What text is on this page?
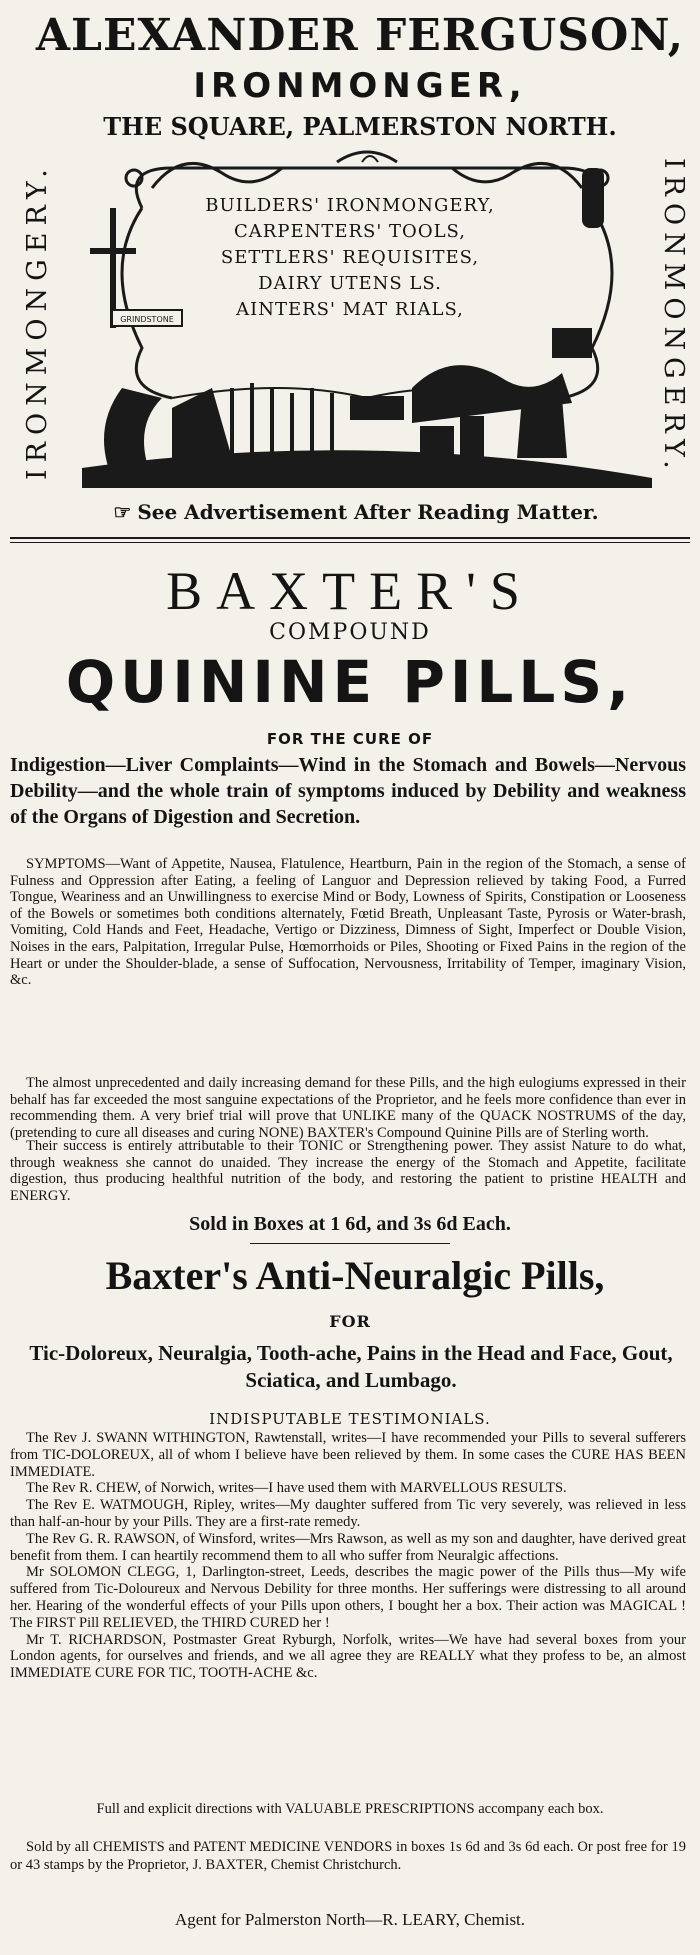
ALEXANDER FERGUSON,
IRONMONGER,
THE SQUARE, PALMERSTON NORTH.
IRONMONGERY.	IRONMONGERY.
GRINDSTONE
BUILDERS' IRONMONGERY,
CARPENTERS' TOOLS,
SETTLERS' REQUISITES,
DAIRY UTENS LS.
AINTERS' MAT RIALS,
☞ See Advertisement After Reading Matter.
BAXTER'S
COMPOUND
QUININE PILLS,
FOR THE CURE OF
Indigestion—Liver Complaints—Wind in the Stomach and Bowels—Nervous Debility—and the whole train of symptoms induced by Debility and weakness of the Organs of Digestion and Secretion.
SYMPTOMS—Want of Appetite, Nausea, Flatulence, Heartburn, Pain in the region of the Stomach, a sense of Fulness and Oppression after Eating, a feeling of Languor and Depression relieved by taking Food, a Furred Tongue, Weariness and an Unwillingness to exercise Mind or Body, Lowness of Spirits, Constipation or Looseness of the Bowels or sometimes both conditions alternately, Fœtid Breath, Unpleasant Taste, Pyrosis or Water-brash, Vomiting, Cold Hands and Feet, Headache, Vertigo or Dizziness, Dimness of Sight, Imperfect or Double Vision, Noises in the ears, Palpitation, Irregular Pulse, Hœmorrhoids or Piles, Shooting or Fixed Pains in the region of the Heart or under the Shoulder-blade, a sense of Suffocation, Nervousness, Irritability of Temper, imaginary Vision, &c.
The almost unprecedented and daily increasing demand for these Pills, and the high eulogiums expressed in their behalf has far exceeded the most sanguine expectations of the Proprietor, and he feels more confidence than ever in recommending them. A very brief trial will prove that UNLIKE many of the QUACK NOSTRUMS of the day, (pretending to cure all diseases and curing NONE) BAXTER's Compound Quinine Pills are of Sterling worth.
Their success is entirely attributable to their TONIC or Strengthening power. They assist Nature to do what, through weakness she cannot do unaided. They increase the energy of the Stomach and Appetite, facilitate digestion, thus producing healthful nutrition of the body, and restoring the patient to pristine HEALTH and ENERGY.
Sold in Boxes at 1 6d, and 3s 6d Each.
Baxter's Anti-Neuralgic Pills,
FOR
Tic-Doloreux, Neuralgia, Tooth-ache, Pains in the Head and Face, Gout, Sciatica, and Lumbago.
INDISPUTABLE TESTIMONIALS.

The Rev J. SWANN WITHINGTON, Rawtenstall, writes—I have recommended your Pills to several sufferers from TIC-DOLOREUX, all of whom I believe have been relieved by them. In some cases the CURE HAS BEEN IMMEDIATE.

The Rev R. CHEW, of Norwich, writes—I have used them with MARVELLOUS RESULTS.

The Rev E. WATMOUGH, Ripley, writes—My daughter suffered from Tic very severely, was relieved in less than half-an-hour by your Pills. They are a first-rate remedy.

The Rev G. R. RAWSON, of Winsford, writes—Mrs Rawson, as well as my son and daughter, have derived great benefit from them. I can heartily recommend them to all who suffer from Neuralgic affections.

Mr SOLOMON CLEGG, 1, Darlington-street, Leeds, describes the magic power of the Pills thus—My wife suffered from Tic-Doloureux and Nervous Debility for three months. Her sufferings were distressing to all around her. Hearing of the wonderful effects of your Pills upon others, I bought her a box. Their action was MAGICAL ! The FIRST Pill RELIEVED, the THIRD CURED her !

Mr T. RICHARDSON, Postmaster Great Ryburgh, Norfolk, writes—We have had several boxes from your London agents, for ourselves and friends, and we all agree they are REALLY what they profess to be, an almost IMMEDIATE CURE FOR TIC, TOOTH-ACHE &c.

Full and explicit directions with VALUABLE PRESCRIPTIONS accompany each box.
Sold by all CHEMISTS and PATENT MEDICINE VENDORS in boxes 1s 6d and 3s 6d each. Or post free for 19 or 43 stamps by the Proprietor, J. BAXTER, Chemist Christchurch.
Agent for Palmerston North—R. LEARY, Chemist.
